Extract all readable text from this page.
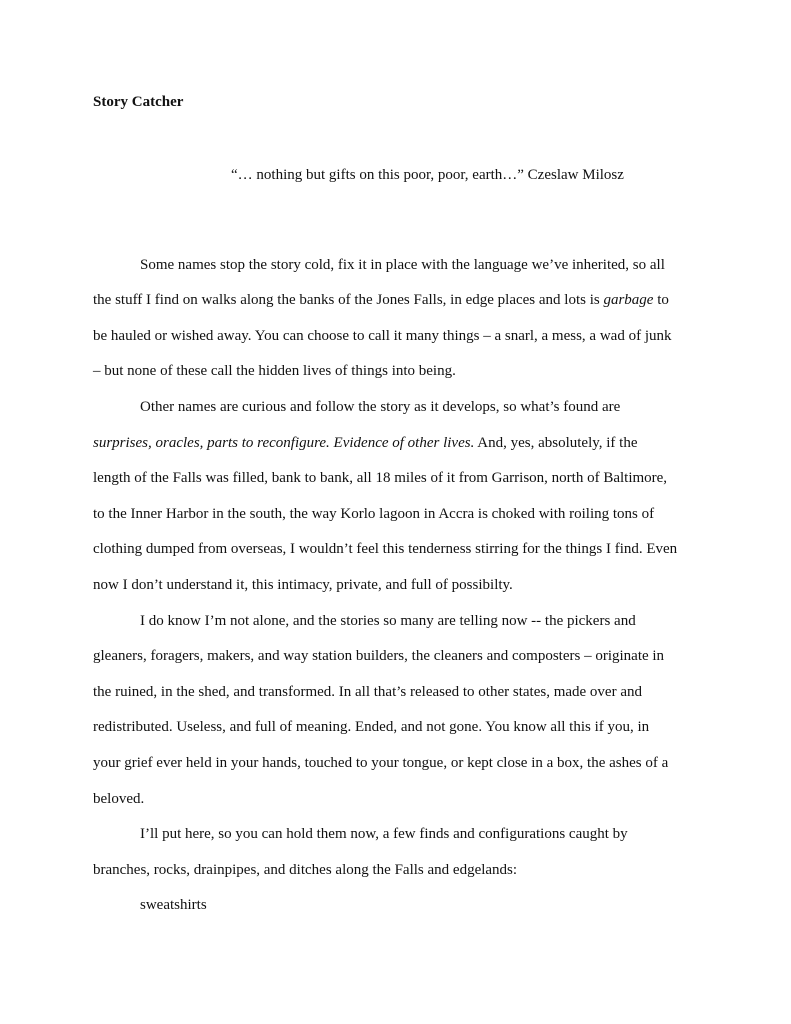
Story Catcher
“… nothing but gifts on this poor, poor, earth…” Czeslaw Milosz
Some names stop the story cold, fix it in place with the language we’ve inherited, so all
the stuff I find on walks along the banks of the Jones Falls, in edge places and lots is garbage to
be hauled or wished away. You can choose to call it many things – a snarl, a mess, a wad of junk
– but none of these call the hidden lives of things into being.
Other names are curious and follow the story as it develops, so what’s found are
surprises, oracles, parts to reconfigure. Evidence of other lives. And, yes, absolutely, if the
length of the Falls was filled, bank to bank, all 18 miles of it from Garrison, north of Baltimore,
to the Inner Harbor in the south, the way Korlo lagoon in Accra is choked with roiling tons of
clothing dumped from overseas, I wouldn’t feel this tenderness stirring for the things I find. Even
now I don’t understand it, this intimacy, private, and full of possibilty.
I do know I’m not alone, and the stories so many are telling now -- the pickers and
gleaners, foragers, makers, and way station builders, the cleaners and composters – originate in
the ruined, in the shed, and transformed. In all that’s released to other states, made over and
redistributed. Useless, and full of meaning. Ended, and not gone. You know all this if you, in
your grief ever held in your hands, touched to your tongue, or kept close in a box, the ashes of a
beloved.
I’ll put here, so you can hold them now, a few finds and configurations caught by
branches, rocks, drainpipes, and ditches along the Falls and edgelands:
sweatshirts
